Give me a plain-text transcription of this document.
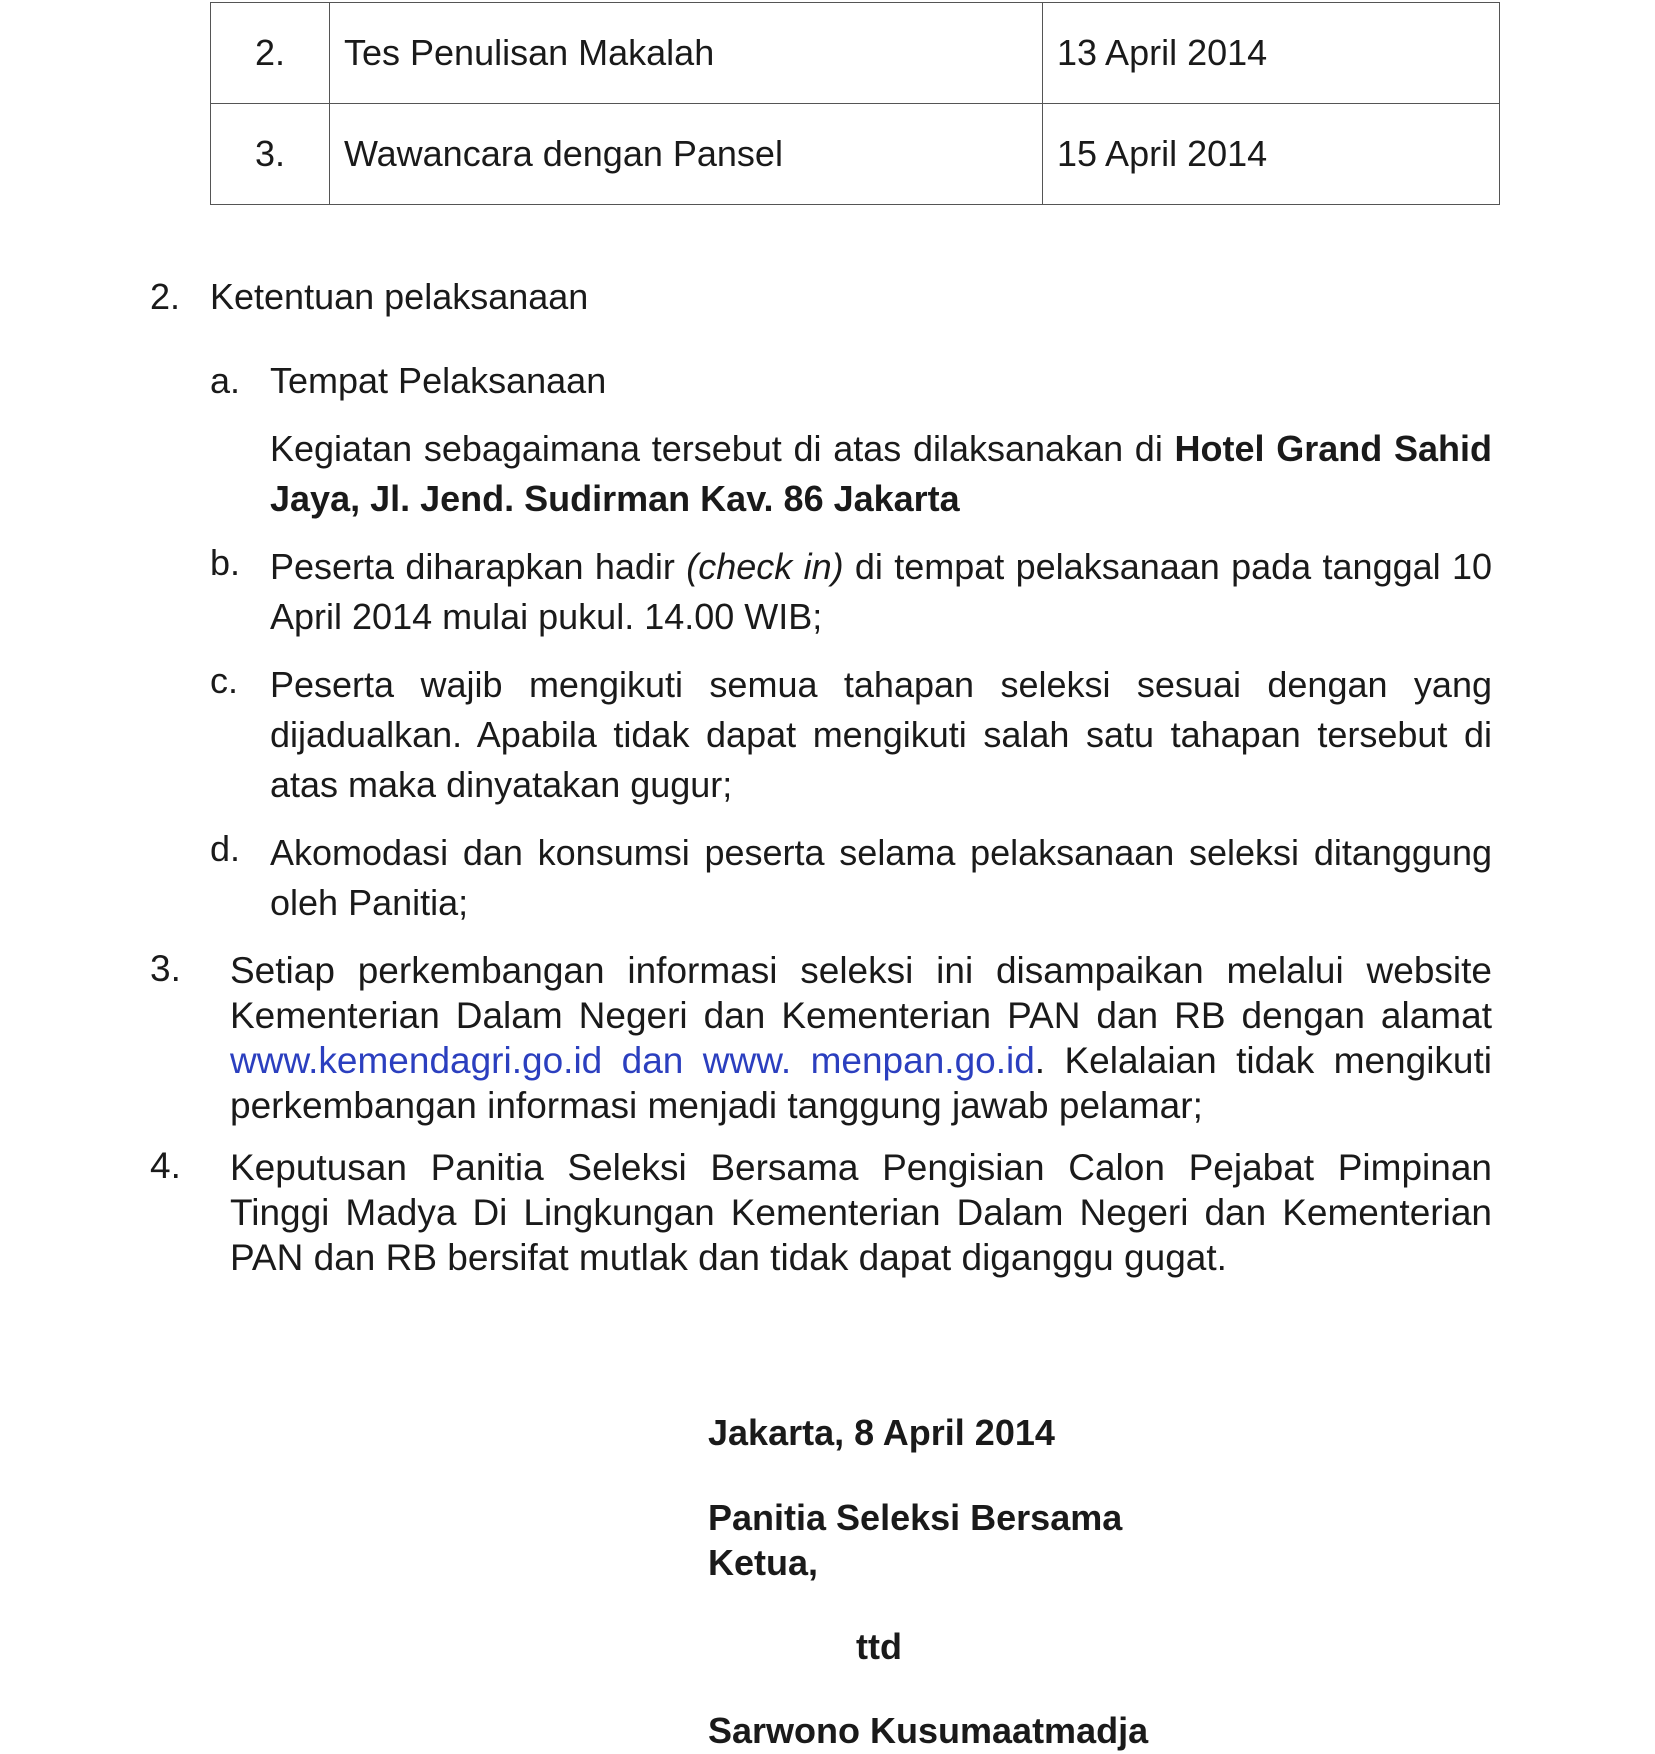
2.	Tes Penulisan Makalah	13 April 2014
3.	Wawancara dengan Pansel	15 April 2014
2. Ketentuan pelaksanaan
a. Tempat Pelaksanaan
Kegiatan sebagaimana tersebut di atas dilaksanakan di Hotel Grand Sahid Jaya, Jl. Jend. Sudirman Kav. 86 Jakarta
b. Peserta diharapkan hadir (check in) di tempat pelaksanaan pada tanggal 10 April 2014 mulai pukul. 14.00 WIB;
c. Peserta wajib mengikuti semua tahapan seleksi sesuai dengan yang dijadualkan. Apabila tidak dapat mengikuti salah satu tahapan tersebut di atas maka dinyatakan gugur;
d. Akomodasi dan konsumsi peserta selama pelaksanaan seleksi ditanggung oleh Panitia;
3. Setiap perkembangan informasi seleksi ini disampaikan melalui website Kementerian Dalam Negeri dan Kementerian PAN dan RB dengan alamat www.kemendagri.go.id dan www. menpan.go.id. Kelalaian tidak mengikuti perkembangan informasi menjadi tanggung jawab pelamar;
4. Keputusan Panitia Seleksi Bersama Pengisian Calon Pejabat Pimpinan Tinggi Madya Di Lingkungan Kementerian Dalam Negeri dan Kementerian PAN dan RB bersifat mutlak dan tidak dapat diganggu gugat.
Jakarta, 8 April 2014
Panitia Seleksi Bersama
Ketua,
ttd
Sarwono Kusumaatmadja
